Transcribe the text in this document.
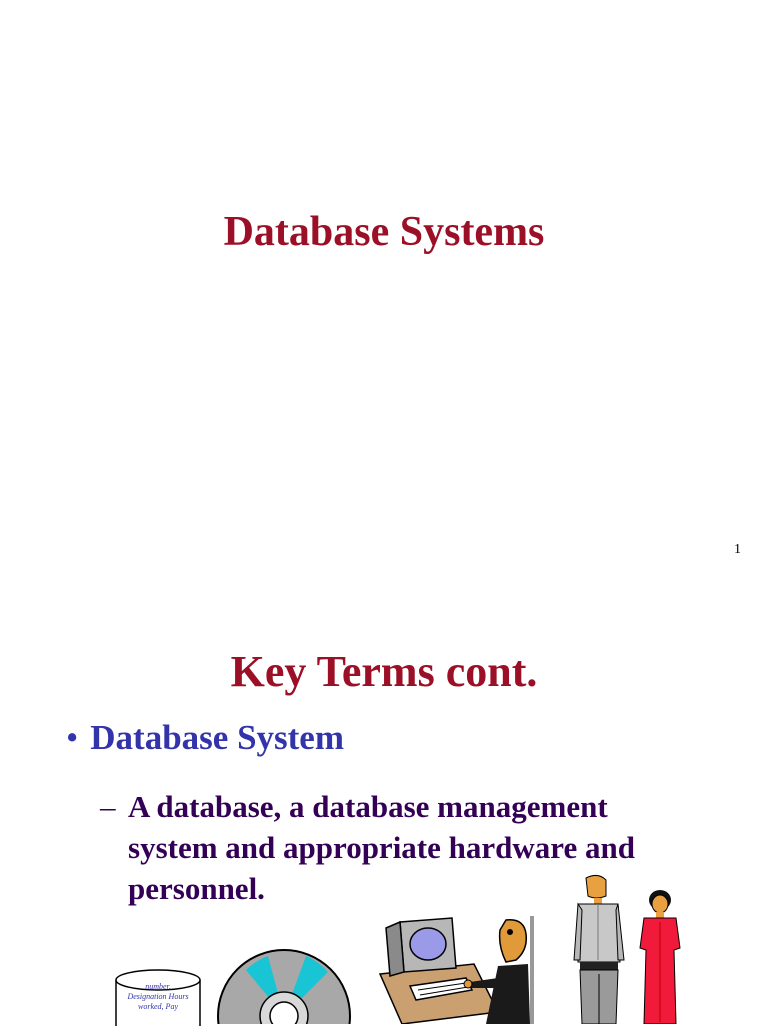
Database Systems
1
Key Terms cont.
• Database System
– A database, a database management system and appropriate hardware and personnel.
number, Designation Hours worked, Pay
